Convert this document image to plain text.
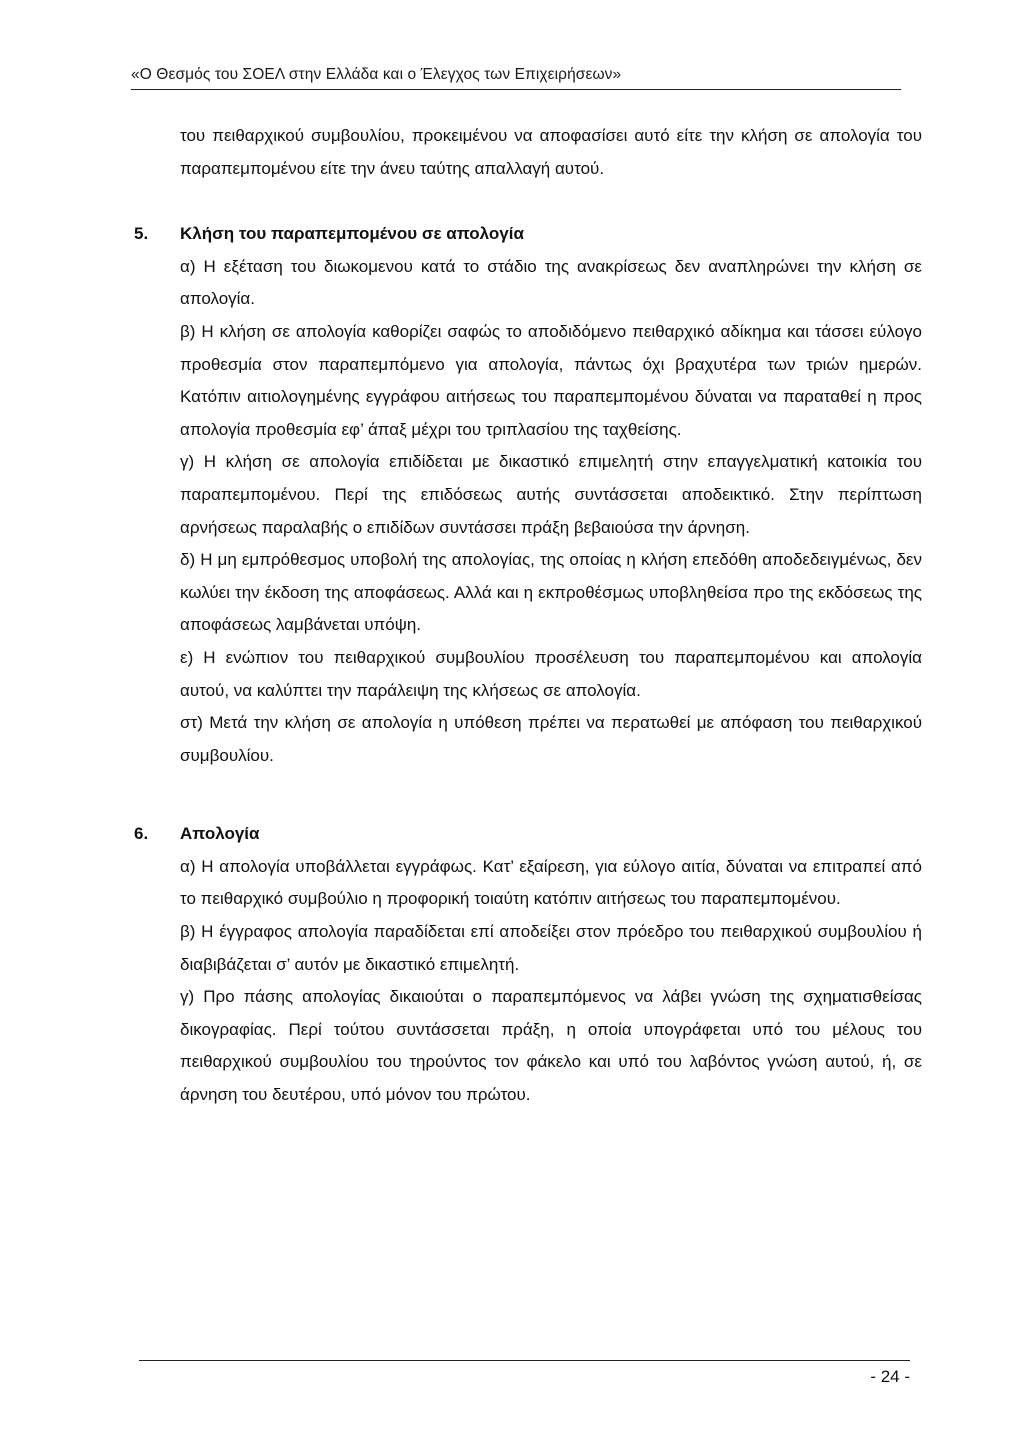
«Ο Θεσμός του ΣΟΕΛ στην Ελλάδα και ο Έλεγχος των Επιχειρήσεων»

του πειθαρχικού συμβουλίου, προκειμένου να αποφασίσει αυτό είτε την κλήση σε απολογία του παραπεμπομένου είτε την άνευ ταύτης απαλλαγή αυτού.

5. Κλήση του παραπεμπομένου σε απολογία

α) Η εξέταση του διωκομενου κατά το στάδιο της ανακρίσεως δεν αναπληρώνει την κλήση σε απολογία.

β) Η κλήση σε απολογία καθορίζει σαφώς το αποδιδόμενο πειθαρχικό αδίκημα και τάσσει εύλογο προθεσμία στον παραπεμπόμενο για απολογία, πάντως όχι βραχυτέρα των τριών ημερών. Κατόπιν αιτιολογημένης εγγράφου αιτήσεως του παραπεμπομένου δύναται να παραταθεί η προς απολογία προθεσμία εφ’ άπαξ μέχρι του τριπλασίου της ταχθείσης.

γ) Η κλήση σε απολογία επιδίδεται με δικαστικό επιμελητή στην επαγγελματική κατοικία του παραπεμπομένου. Περί της επιδόσεως αυτής συντάσσεται αποδεικτικό. Στην περίπτωση αρνήσεως παραλαβής ο επιδίδων συντάσσει πράξη βεβαιούσα την άρνηση.

δ) Η μη εμπρόθεσμος υποβολή της απολογίας, της οποίας η κλήση επεδόθη αποδεδειγμένως, δεν κωλύει την έκδοση της αποφάσεως. Αλλά και η εκπροθέσμως υποβληθείσα προ της εκδόσεως της αποφάσεως λαμβάνεται υπόψη.

ε) Η ενώπιον του πειθαρχικού συμβουλίου προσέλευση του παραπεμπομένου και απολογία αυτού, να καλύπτει την παράλειψη της κλήσεως σε απολογία.

στ) Μετά την κλήση σε απολογία η υπόθεση πρέπει να περατωθεί με απόφαση του πειθαρχικού συμβουλίου.

6. Απολογία

α) Η απολογία υποβάλλεται εγγράφως. Κατ’ εξαίρεση, για εύλογο αιτία, δύναται να επιτραπεί από το πειθαρχικό συμβούλιο η προφορική τοιαύτη κατόπιν αιτήσεως του παραπεμπομένου.

β) Η έγγραφος απολογία παραδίδεται επί αποδείξει στον πρόεδρο του πειθαρχικού συμβουλίου ή διαβιβάζεται σ’ αυτόν με δικαστικό επιμελητή.

γ) Προ πάσης απολογίας δικαιούται ο παραπεμπόμενος να λάβει γνώση της σχηματισθείσας δικογραφίας. Περί τούτου συντάσσεται πράξη, η οποία υπογράφεται υπό του μέλους του πειθαρχικού συμβουλίου του τηρούντος τον φάκελο και υπό του λαβόντος γνώση αυτού, ή, σε άρνηση του δευτέρου, υπό μόνον του πρώτου.

- 24 -
